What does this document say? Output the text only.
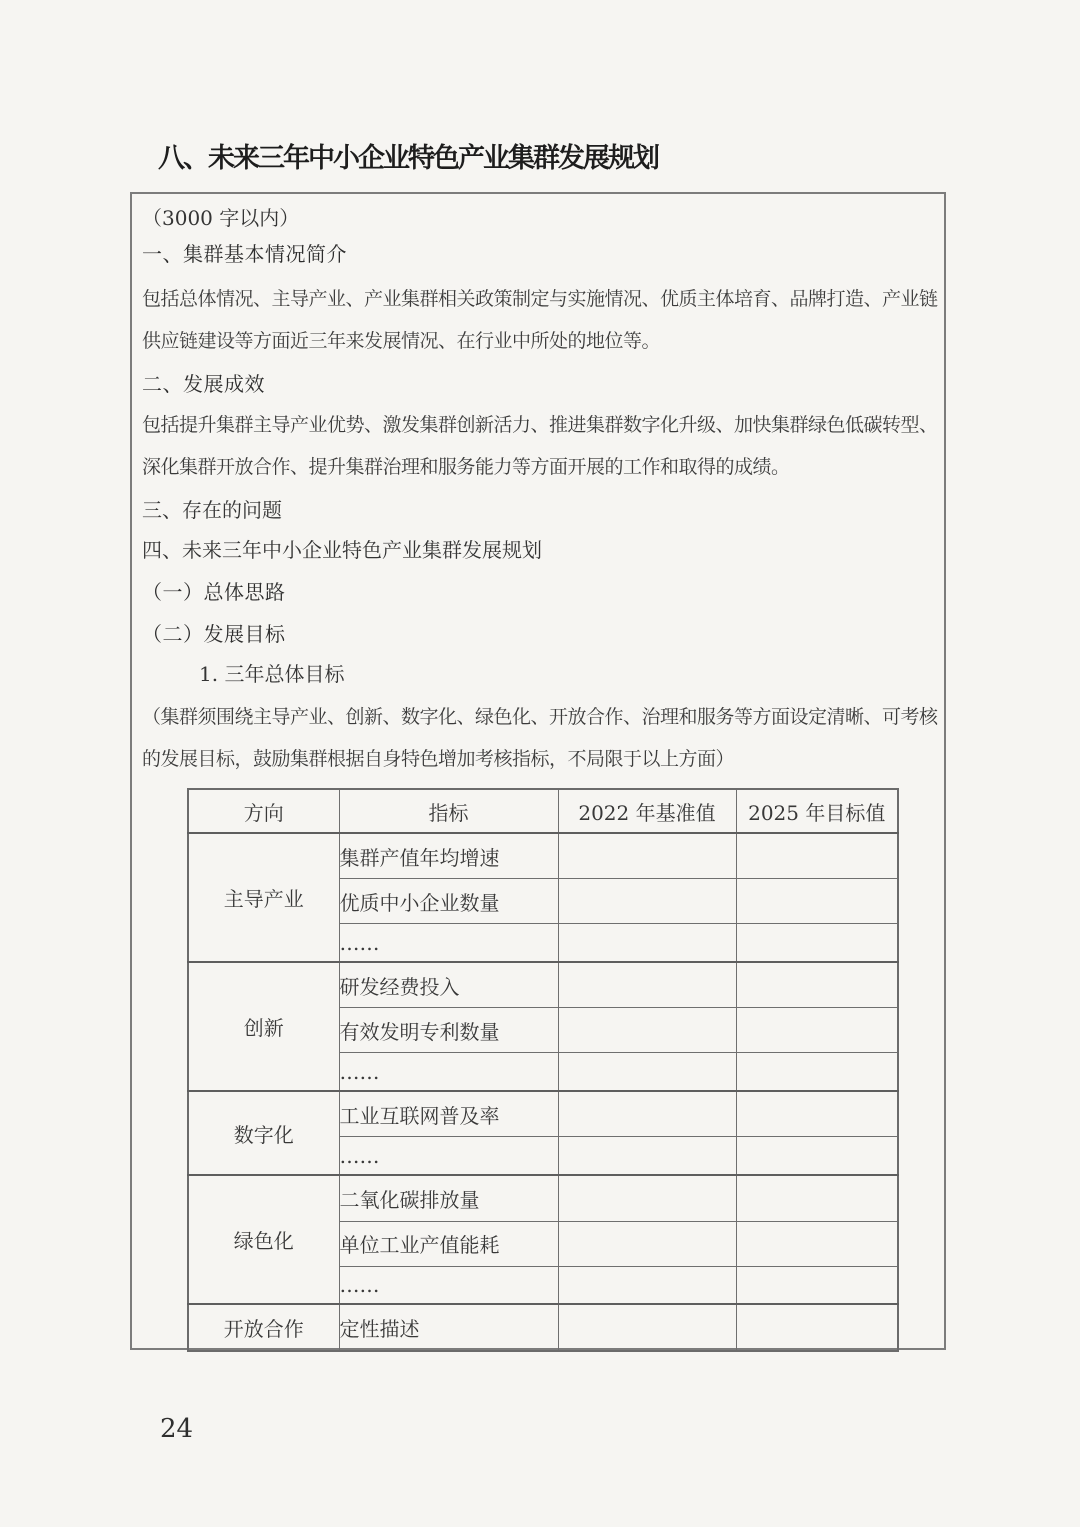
八、未来三年中小企业特色产业集群发展规划
（3000 字以内）
一、集群基本情况简介
包括总体情况、主导产业、产业集群相关政策制定与实施情况、优质主体培育、品牌打造、产业链
供应链建设等方面近三年来发展情况、在行业中所处的地位等。
二、发展成效
包括提升集群主导产业优势、激发集群创新活力、推进集群数字化升级、加快集群绿色低碳转型、
深化集群开放合作、提升集群治理和服务能力等方面开展的工作和取得的成绩。
三、存在的问题
四、未来三年中小企业特色产业集群发展规划
（一）总体思路
（二）发展目标
1. 三年总体目标
（集群须围绕主导产业、创新、数字化、绿色化、开放合作、治理和服务等方面设定清晰、可考核
的发展目标，鼓励集群根据自身特色增加考核指标，不局限于以上方面）
方向	指标	2022 年基准值	2025 年目标值
主导产业	集群产值年均增速		
	优质中小企业数量		
	……		
创新	研发经费投入		
	有效发明专利数量		
	……		
数字化	工业互联网普及率		
	……		
绿色化	二氧化碳排放量		
	单位工业产值能耗		
	……		
开放合作	定性描述		
24
